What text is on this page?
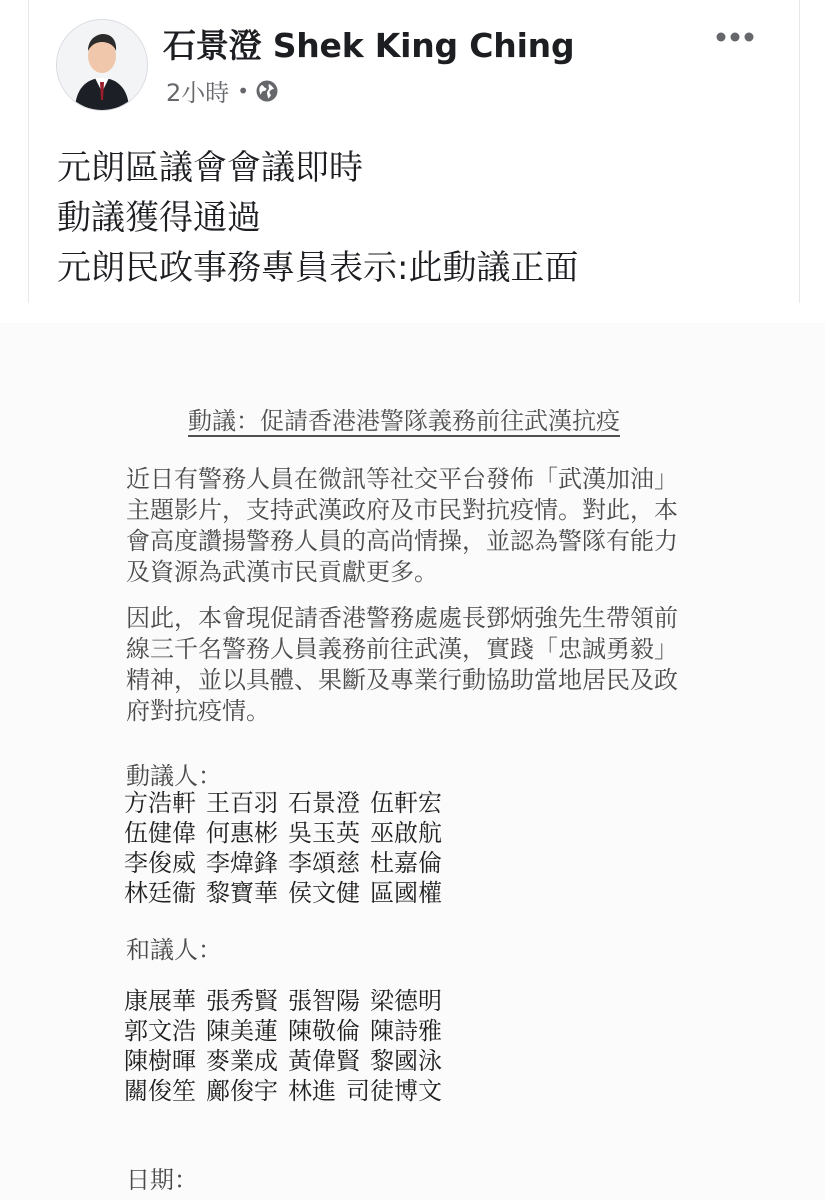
石景澄 Shek King Ching
2小時 •
元朗區議會會議即時
動議獲得通過
元朗民政事務專員表示:此動議正面
動議：促請香港港警隊義務前往武漢抗疫
近日有警務人員在微訊等社交平台發佈「武漢加油」
主題影片，支持武漢政府及市民對抗疫情。對此，本
會高度讚揚警務人員的高尚情操，並認為警隊有能力
及資源為武漢市民貢獻更多。
因此，本會現促請香港警務處處長鄧炳強先生帶領前
線三千名警務人員義務前往武漢，實踐「忠誠勇毅」
精神，並以具體、果斷及專業行動協助當地居民及政
府對抗疫情。
動議人：
方浩軒 王百羽 石景澄 伍軒宏
伍健偉 何惠彬 吳玉英 巫啟航
李俊威 李煒鋒 李頌慈 杜嘉倫
林廷衞 黎寶華 侯文健 區國權
和議人：
康展華 張秀賢 張智陽 梁德明
郭文浩 陳美蓮 陳敬倫 陳詩雅
陳樹暉 麥業成 黃偉賢 黎國泳
關俊笙 鄺俊宇 林進 司徒博文
日期：
